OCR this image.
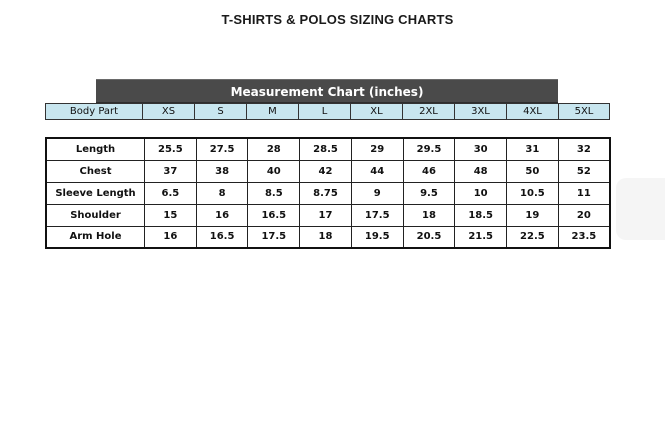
T-SHIRTS & POLOS SIZING CHARTS
Measurement Chart (inches)
Body Part	XS	S	M	L	XL	2XL	3XL	4XL	5XL
Length	25.5	27.5	28	28.5	29	29.5	30	31	32
Chest	37	38	40	42	44	46	48	50	52
Sleeve Length	6.5	8	8.5	8.75	9	9.5	10	10.5	11
Shoulder	15	16	16.5	17	17.5	18	18.5	19	20
Arm Hole	16	16.5	17.5	18	19.5	20.5	21.5	22.5	23.5
